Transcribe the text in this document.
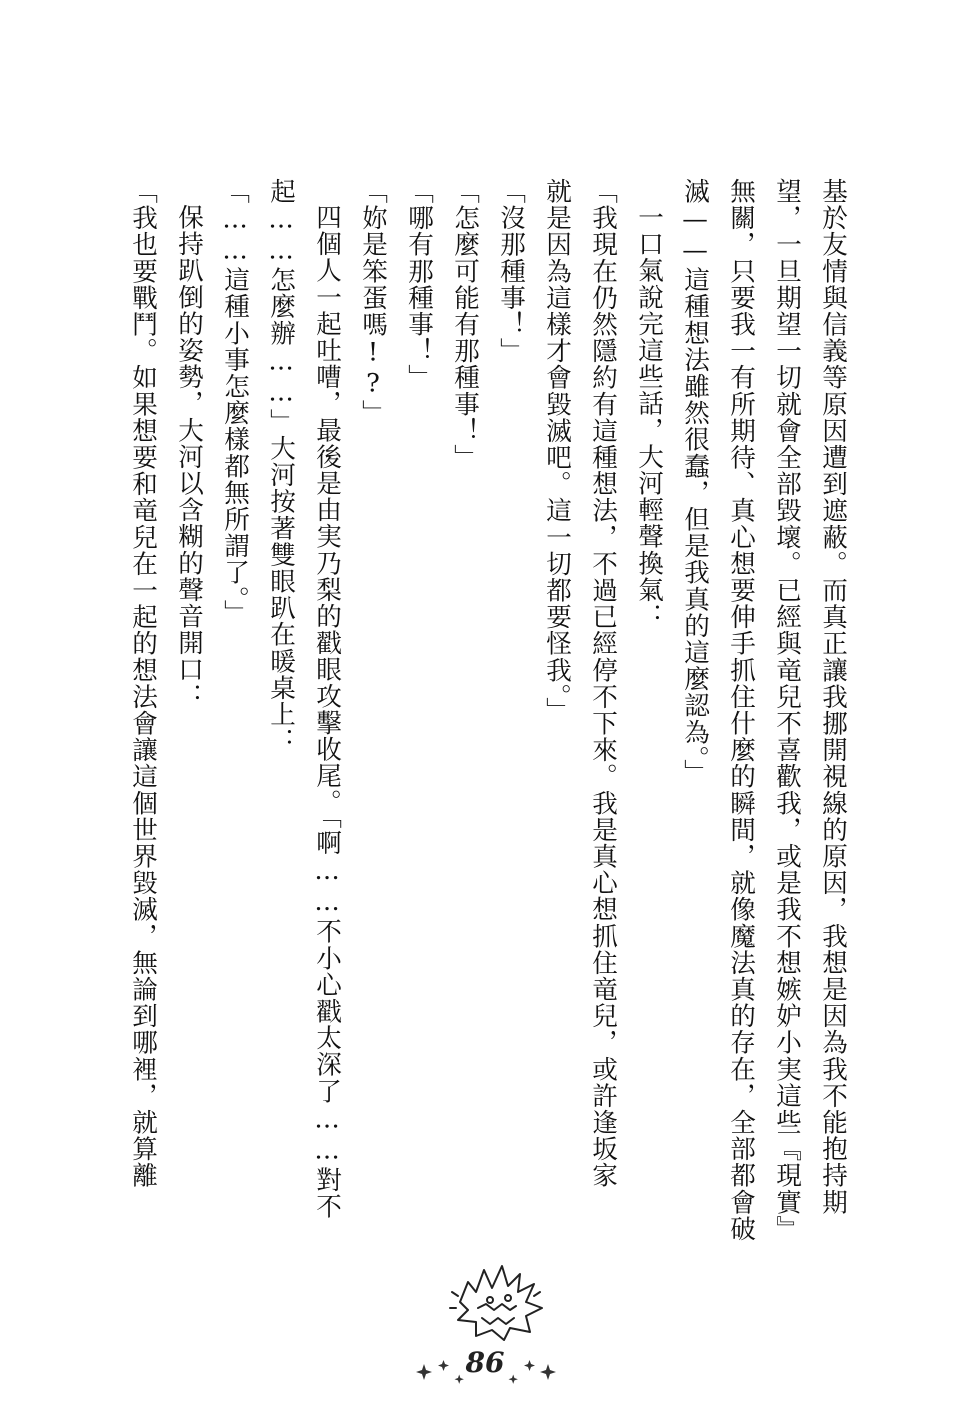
基於友情與信義等原因遭到遮蔽。而真正讓我挪開視線的原因，我想是因為我不能抱持期
望，一旦期望一切就會全部毀壞。已經與竜兒不喜歡我，或是我不想嫉妒小実這些『現實』
無關，只要我一有所期待、真心想要伸手抓住什麼的瞬間，就像魔法真的存在，全部都會破
滅——這種想法雖然很蠢，但是我真的這麼認為。」
一口氣說完這些話，大河輕聲換氣：
「我現在仍然隱約有這種想法，不過已經停不下來。我是真心想抓住竜兒，或許逢坂家
就是因為這樣才會毀滅吧。這一切都要怪我。」
「沒那種事！」
「怎麼可能有那種事！」
「哪有那種事！」
「妳是笨蛋嗎!?」
四個人一起吐嘈，最後是由実乃梨的戳眼攻擊收尾。「啊……不小心戳太深了……對不
起……怎麼辦……」大河按著雙眼趴在暖桌上：
「……這種小事怎麼樣都無所謂了。」
保持趴倒的姿勢，大河以含糊的聲音開口：
「我也要戰鬥。如果想要和竜兒在一起的想法會讓這個世界毀滅，無論到哪裡，就算離
86
